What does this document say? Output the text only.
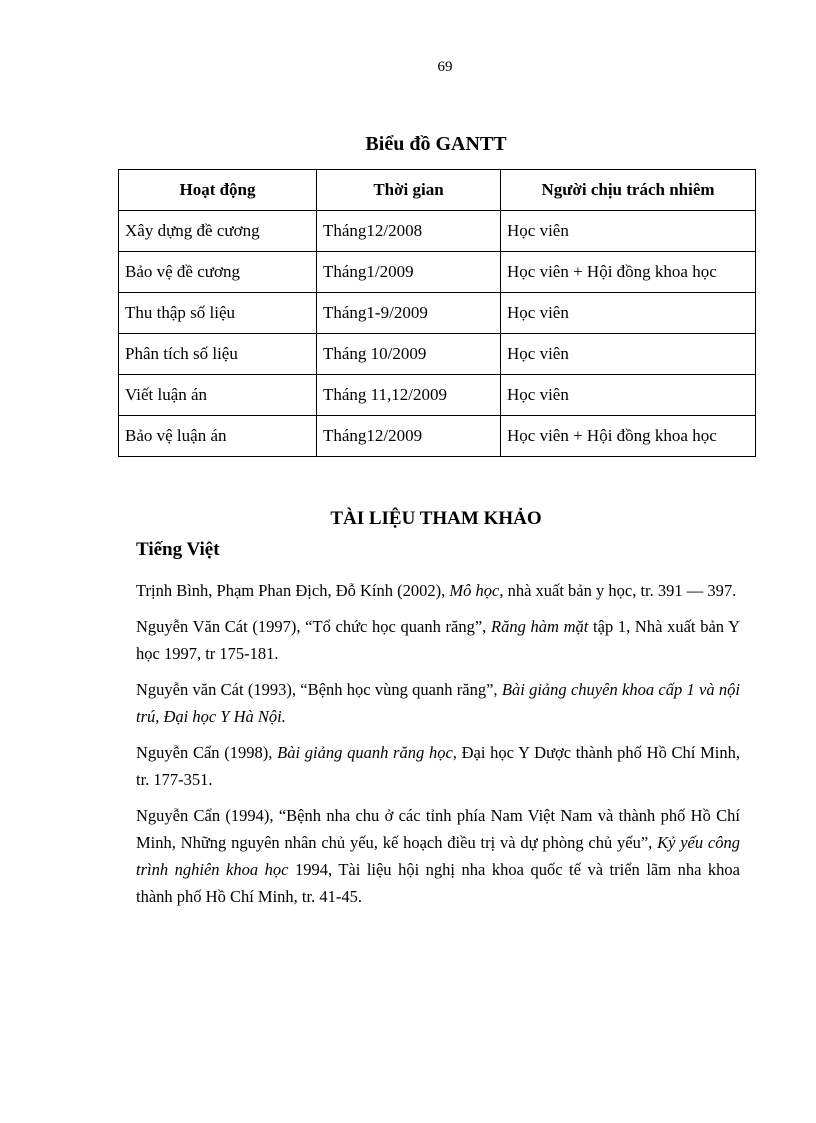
69
Biểu đồ GANTT
Hoạt động	Thời gian	Người chịu trách nhiêm
Xây dựng đề cương	Tháng12/2008	Học viên
Bảo vệ đề cương	Tháng1/2009	Học viên + Hội đồng khoa học
Thu thập số liệu	Tháng1-9/2009	Học viên
Phân tích số liệu	Tháng 10/2009	Học viên
Viết luận án	Tháng 11,12/2009	Học viên
Bảo vệ luận án	Tháng12/2009	Học viên + Hội đồng khoa học
TÀI LIỆU THAM KHẢO
Tiếng Việt

Trịnh Bình, Phạm Phan Địch, Đỗ Kính (2002), Mô học, nhà xuất bản y học, tr. 391 — 397.

Nguyễn Văn Cát (1997), “Tổ chức học quanh răng”, Răng hàm mặt tập 1, Nhà xuất bản Y học 1997, tr 175-181.

Nguyễn văn Cát (1993), “Bệnh học vùng quanh răng”, Bài giảng chuyên khoa cấp 1 và nội trú, Đại học Y Hà Nội.

Nguyễn Cẩn (1998), Bài giảng quanh răng học, Đại học Y Dược thành phố Hồ Chí Minh, tr. 177-351.

Nguyễn Cẩn (1994), “Bệnh nha chu ở các tỉnh phía Nam Việt Nam và thành phố Hồ Chí Minh, Những nguyên nhân chủ yếu, kế hoạch điều trị và dự phòng chủ yếu”, Kỷ yếu công trình nghiên khoa học 1994, Tài liệu hội nghị nha khoa quốc tế và triển lãm nha khoa thành phố Hồ Chí Minh, tr. 41-45.
